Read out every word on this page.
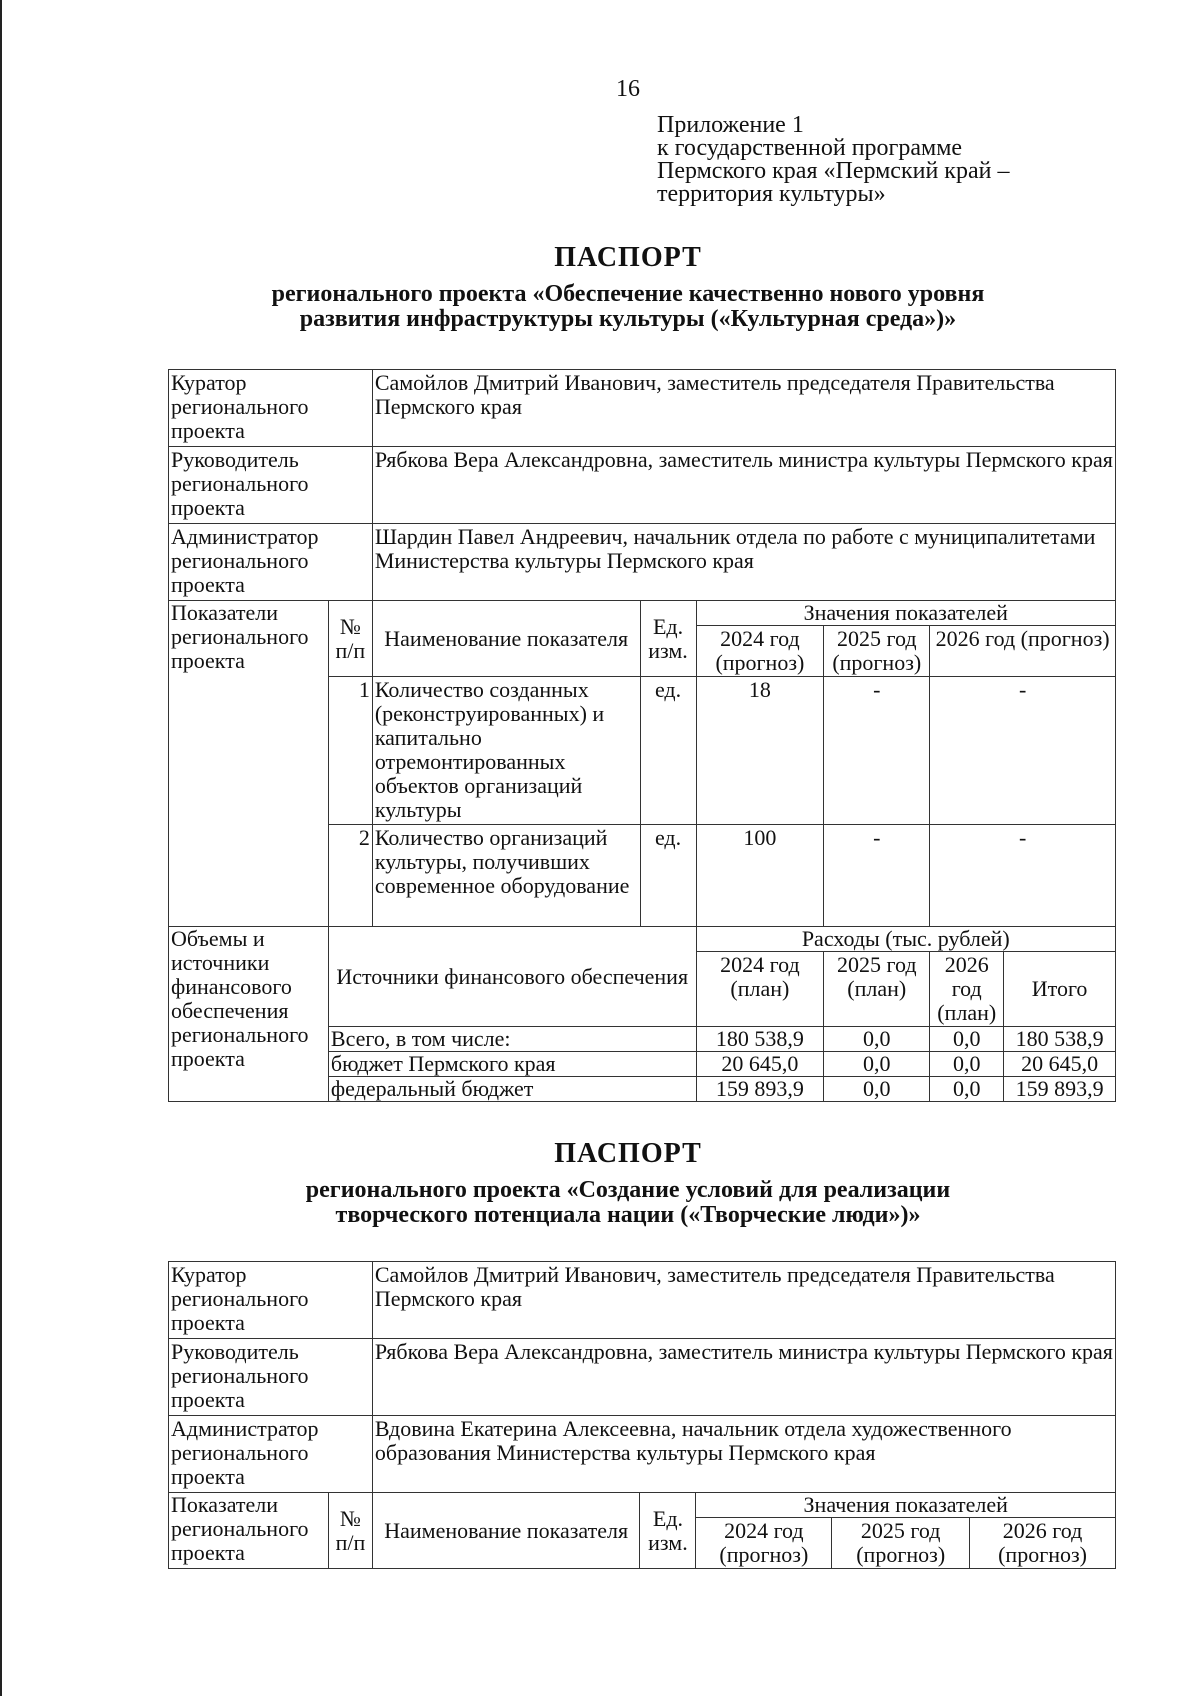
16
Приложение 1
к государственной программе
Пермского края «Пермский край –
территория культуры»
ПАСПОРТ
регионального проекта «Обеспечение качественно нового уровня
развития инфраструктуры культуры («Культурная среда»)»
Куратор регионального проекта		Самойлов Дмитрий Иванович, заместитель председателя Правительства Пермского края					
Руководитель регионального проекта		Рябкова Вера Александровна, заместитель министра культуры Пермского края					
Администратор регионального проекта		Шардин Павел Андреевич, начальник отдела по работе с муниципалитетами Министерства культуры Пермского края					
Показатели регионального проекта	№ п/п	Наименование показателя	Ед. изм.	Значения показателей			
				2024 год (прогноз)	2025 год (прогноз)	2026 год (прогноз)	
	1	Количество созданных (реконструированных) и капитально отремонтированных объектов организаций культуры	ед.	18	-	-	
	2	Количество организаций культуры, получивших современное оборудование	ед.	100	-	-	
Объемы и источники финансового обеспечения регионального проекта	Источники финансового обеспечения			Расходы (тыс. рублей)			
				2024 год (план)	2025 год (план)	2026 год (план)	Итого
	Всего, в том числе:			180 538,9	0,0	0,0	180 538,9
	бюджет Пермского края			20 645,0	0,0	0,0	20 645,0
	федеральный бюджет			159 893,9	0,0	0,0	159 893,9
ПАСПОРТ
регионального проекта «Создание условий для реализации
творческого потенциала нации («Творческие люди»)»
Куратор регионального проекта		Самойлов Дмитрий Иванович, заместитель председателя Правительства Пермского края				
Руководитель регионального проекта		Рябкова Вера Александровна, заместитель министра культуры Пермского края				
Администратор регионального проекта		Вдовина Екатерина Алексеевна, начальник отдела художественного образования Министерства культуры Пермского края				
Показатели регионального проекта	№ п/п	Наименование показателя	Ед. изм.	Значения показателей		
				2024 год (прогноз)	2025 год (прогноз)	2026 год (прогноз)
